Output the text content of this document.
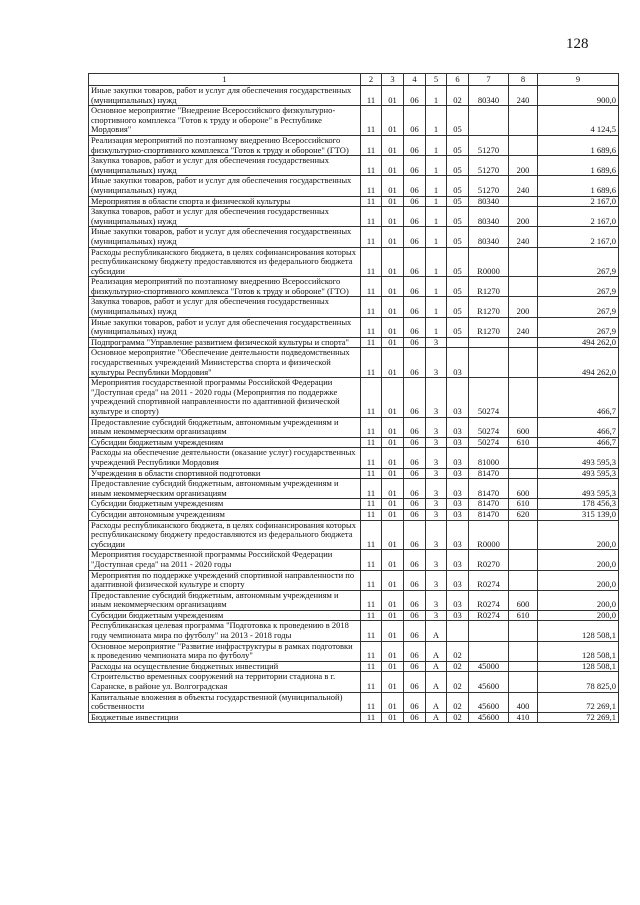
128
1	2	3	4	5	6	7	8	9
Иные закупки товаров, работ и услуг для обеспечения государственных (муниципальных) нужд	11	01	06	1	02	80340	240	900,0
Основное мероприятие "Внедрение Всероссийского физкультурно-спортивного комплекса "Готов к труду и обороне" в Республике Мордовия"	11	01	06	1	05			4 124,5
Реализация мероприятий по поэтапному внедрению Всероссийского физкультурно-спортивного комплекса "Готов к труду и обороне" (ГТО)	11	01	06	1	05	51270		1 689,6
Закупка товаров, работ и услуг для обеспечения государственных (муниципальных) нужд	11	01	06	1	05	51270	200	1 689,6
Иные закупки товаров, работ и услуг для обеспечения государственных (муниципальных) нужд	11	01	06	1	05	51270	240	1 689,6
Мероприятия в области спорта и физической культуры	11	01	06	1	05	80340		2 167,0
Закупка товаров, работ и услуг для обеспечения государственных (муниципальных) нужд	11	01	06	1	05	80340	200	2 167,0
Иные закупки товаров, работ и услуг для обеспечения государственных (муниципальных) нужд	11	01	06	1	05	80340	240	2 167,0
Расходы республиканского бюджета, в целях софинансирования которых республиканскому бюджету предоставляются из федерального бюджета субсидии	11	01	06	1	05	R0000		267,9
Реализация мероприятий по поэтапному внедрению Всероссийского физкультурно-спортивного комплекса "Готов к труду и обороне" (ГТО)	11	01	06	1	05	R1270		267,9
Закупка товаров, работ и услуг для обеспечения государственных (муниципальных) нужд	11	01	06	1	05	R1270	200	267,9
Иные закупки товаров, работ и услуг для обеспечения государственных (муниципальных) нужд	11	01	06	1	05	R1270	240	267,9
Подпрограмма "Управление развитием физической культуры и спорта"	11	01	06	3				494 262,0
Основное мероприятие "Обеспечение деятельности подведомственных государственных учреждений Министерства спорта и физической культуры Республики Мордовия"	11	01	06	3	03			494 262,0
Мероприятия государственной программы Российской Федерации "Доступная среда" на 2011 - 2020 годы (Мероприятия по поддержке учреждений спортивной направленности по адаптивной физической культуре и спорту)	11	01	06	3	03	50274		466,7
Предоставление субсидий бюджетным, автономным учреждениям и иным некоммерческим организациям	11	01	06	3	03	50274	600	466,7
Субсидии бюджетным учреждениям	11	01	06	3	03	50274	610	466,7
Расходы на обеспечение деятельности (оказание услуг) государственных учреждений Республики Мордовия	11	01	06	3	03	81000		493 595,3
Учреждения в области спортивной подготовки	11	01	06	3	03	81470		493 595,3
Предоставление субсидий бюджетным, автономным учреждениям и иным некоммерческим организациям	11	01	06	3	03	81470	600	493 595,3
Субсидии бюджетным учреждениям	11	01	06	3	03	81470	610	178 456,3
Субсидии автономным учреждениям	11	01	06	3	03	81470	620	315 139,0
Расходы республиканского бюджета, в целях софинансирования которых республиканскому бюджету предоставляются из федерального бюджета субсидии	11	01	06	3	03	R0000		200,0
Мероприятия государственной программы Российской Федерации "Доступная среда" на 2011 - 2020 годы	11	01	06	3	03	R0270		200,0
Мероприятия по поддержке учреждений спортивной направленности по адаптивной физической культуре и спорту	11	01	06	3	03	R0274		200,0
Предоставление субсидий бюджетным, автономным учреждениям и иным некоммерческим организациям	11	01	06	3	03	R0274	600	200,0
Субсидии бюджетным учреждениям	11	01	06	3	03	R0274	610	200,0
Республиканская целевая программа "Подготовка к проведению в 2018 году чемпионата мира по футболу" на 2013 - 2018 годы	11	01	06	А				128 508,1
Основное мероприятие "Развитие инфраструктуры в рамках подготовки к проведению чемпионата мира по футболу"	11	01	06	А	02			128 508,1
Расходы на осуществление бюджетных инвестиций	11	01	06	А	02	45000		128 508,1
Строительство временных сооружений на территории стадиона в г. Саранске, в районе ул. Волгоградская	11	01	06	А	02	45600		78 825,0
Капитальные вложения в объекты государственной (муниципальной) собственности	11	01	06	А	02	45600	400	72 269,1
Бюджетные инвестиции	11	01	06	А	02	45600	410	72 269,1
